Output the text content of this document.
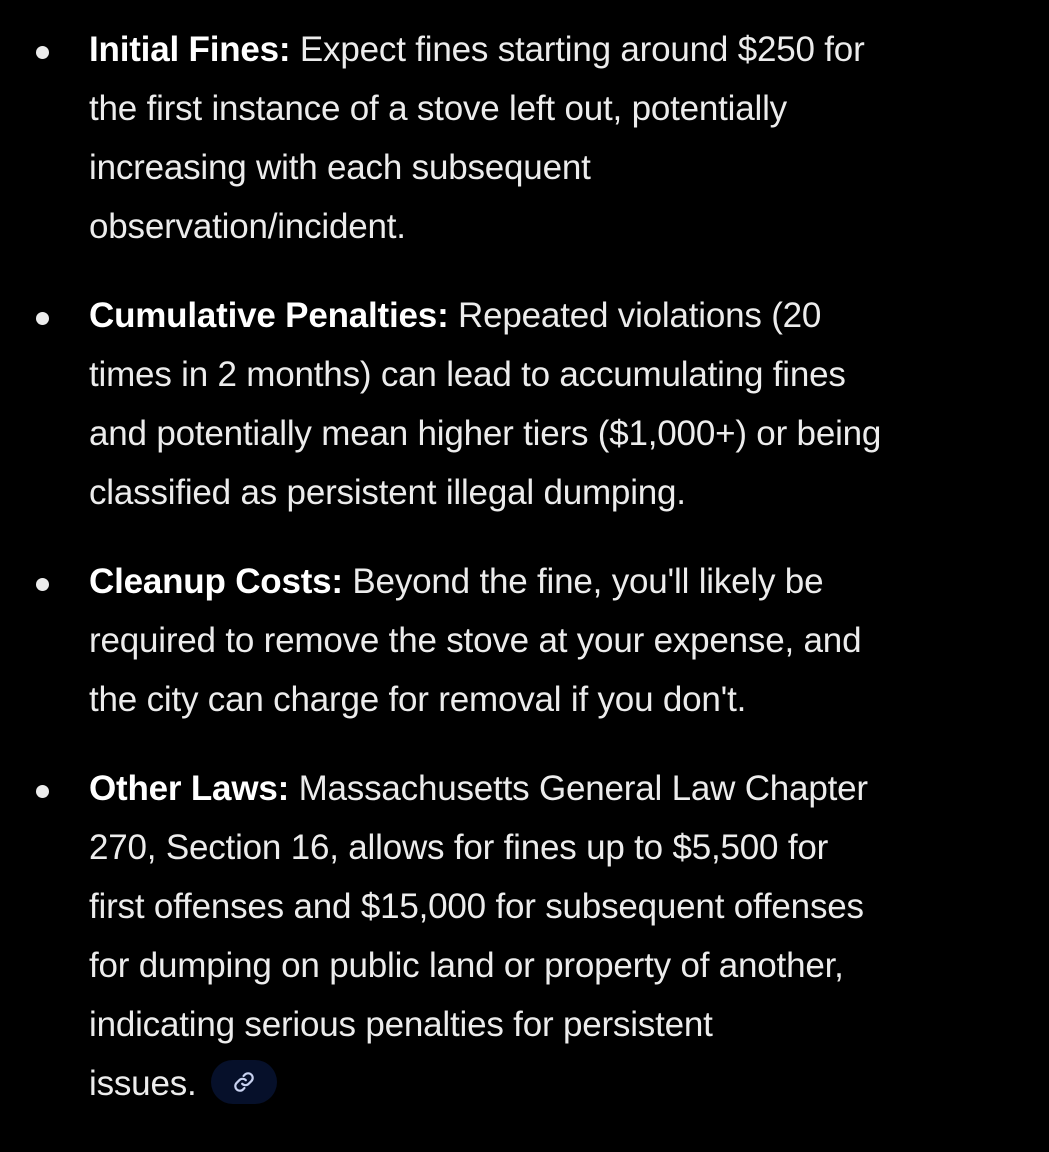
Initial Fines: Expect fines starting around $250 for
the first instance of a stove left out, potentially
increasing with each subsequent
observation/incident.
Cumulative Penalties: Repeated violations (20
times in 2 months) can lead to accumulating fines
and potentially mean higher tiers ($1,000+) or being
classified as persistent illegal dumping.
Cleanup Costs: Beyond the fine, you'll likely be
required to remove the stove at your expense, and
the city can charge for removal if you don't.
Other Laws: Massachusetts General Law Chapter
270, Section 16, allows for fines up to $5,500 for
first offenses and $15,000 for subsequent offenses
for dumping on public land or property of another,
indicating serious penalties for persistent
issues.
